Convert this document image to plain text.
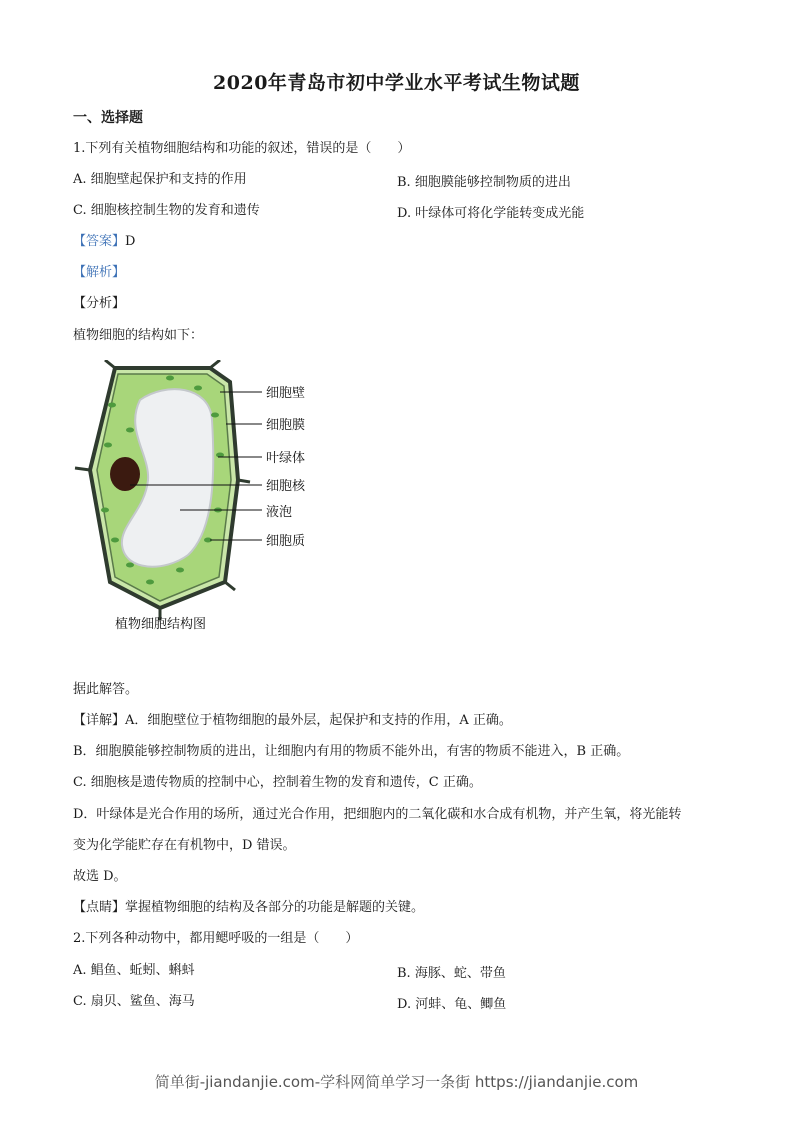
2020年青岛市初中学业水平考试生物试题
一、选择题
1.下列有关植物细胞结构和功能的叙述，错误的是（　　）
A. 细胞壁起保护和支持的作用	B. 细胞膜能够控制物质的进出
C. 细胞核控制生物的发育和遗传	D. 叶绿体可将化学能转变成光能
【答案】D
【解析】
【分析】
植物细胞的结构如下：
细胞壁
细胞膜
叶绿体
细胞核
液泡
细胞质
植物细胞结构图
据此解答。
【详解】A．细胞壁位于植物细胞的最外层，起保护和支持的作用，A 正确。
B．细胞膜能够控制物质的进出，让细胞内有用的物质不能外出，有害的物质不能进入，B 正确。
C. 细胞核是遗传物质的控制中心，控制着生物的发育和遗传，C 正确。
D．叶绿体是光合作用的场所，通过光合作用，把细胞内的二氧化碳和水合成有机物，并产生氧，将光能转
变为化学能贮存在有机物中，D 错误。
故选 D。
【点睛】掌握植物细胞的结构及各部分的功能是解题的关键。
2.下列各种动物中，都用鳃呼吸的一组是（　　）
A. 鲳鱼、蚯蚓、蝌蚪	B. 海豚、蛇、带鱼
C. 扇贝、鲨鱼、海马	D. 河蚌、龟、鲫鱼
简单街-jiandanjie.com-学科网简单学习一条街 https://jiandanjie.com
